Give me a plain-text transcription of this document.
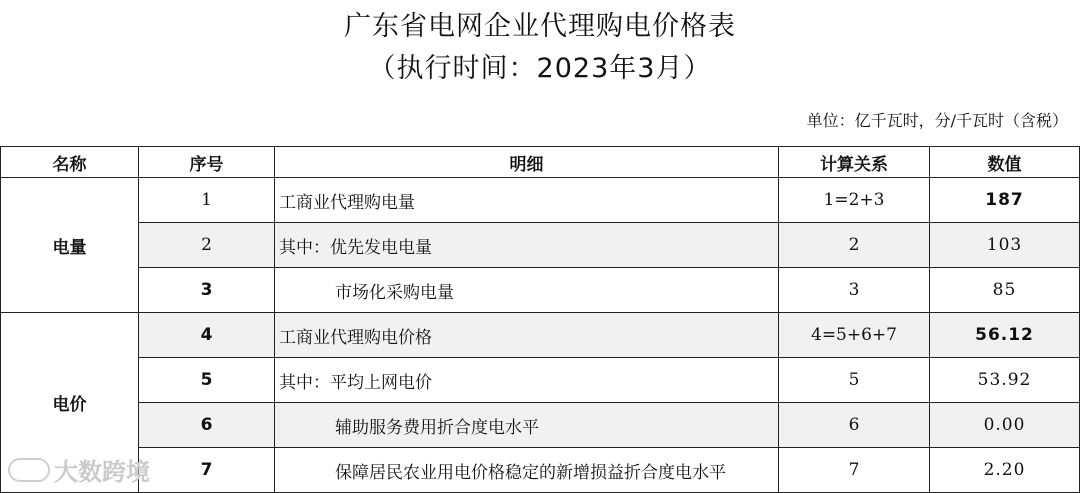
广东省电网企业代理购电价格表
（执行时间：2023年3月）
单位：亿千瓦时，分/千瓦时（含税）
名称	序号	明细	计算关系	数值
电量	1	工商业代理购电量	1=2+3	187
	2	其中：优先发电电量	2	103
	3	市场化采购电量	3	85
电价	4	工商业代理购电价格	4=5+6+7	56.12
	5	其中：平均上网电价	5	53.92
	6	辅助服务费用折合度电水平	6	0.00
	7	保障居民农业用电价格稳定的新增损益折合度电水平	7	2.20
大数跨境
